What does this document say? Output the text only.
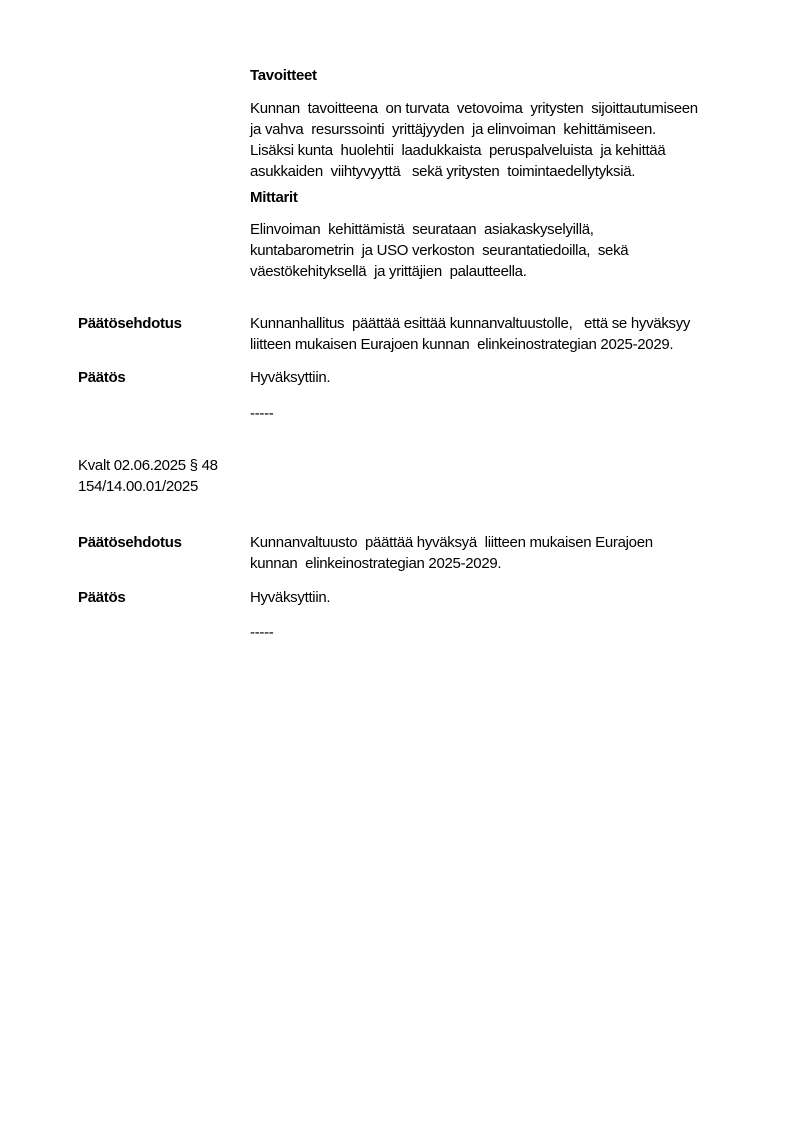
Tavoitteet
Kunnan  tavoitteena  on turvata  vetovoima  yritysten  sijoittautumiseen
ja vahva  resurssointi  yrittäjyyden  ja elinvoiman  kehittämiseen.
Lisäksi kunta  huolehtii  laadukkaista  peruspalveluista  ja kehittää
asukkaiden  viihtyvyyttä   sekä yritysten  toimintaedellytyksiä.
Mittarit
Elinvoiman  kehittämistä  seurataan  asiakaskyselyillä,
kuntabarometrin  ja USO verkoston  seurantatiedoilla,  sekä
väestökehityksellä  ja yrittäjien  palautteella.
Päätösehdotus	Kunnanhallitus  päättää esittää kunnanvaltuustolle,   että se hyväksyy
liitteen mukaisen Eurajoen kunnan  elinkeinostrategian 2025-2029.
Päätös	Hyväksyttiin.
-----
Kvalt 02.06.2025 § 48
154/14.00.01/2025
Päätösehdotus	Kunnanvaltuusto  päättää hyväksyä  liitteen mukaisen Eurajoen
kunnan  elinkeinostrategian 2025-2029.
Päätös	Hyväksyttiin.
-----
